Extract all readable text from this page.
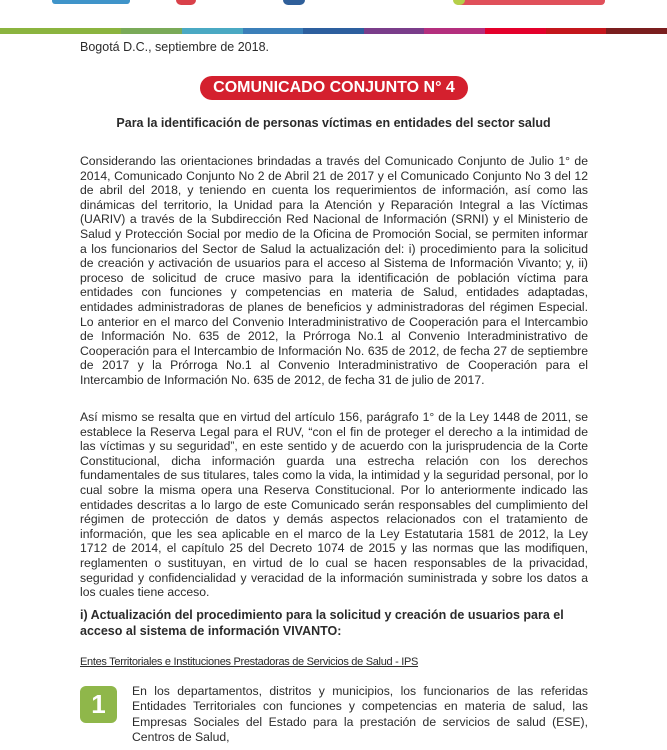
Bogotá D.C., septiembre de 2018.
COMUNICADO CONJUNTO N° 4
Para la identificación de personas víctimas en entidades del sector salud
Considerando las orientaciones brindadas a través del Comunicado Conjunto de Julio 1° de 2014, Comunicado Conjunto No 2 de Abril 21 de 2017 y el Comunicado Conjunto No 3 del 12 de abril del 2018, y teniendo en cuenta los requerimientos de información, así como las dinámicas del territorio, la Unidad para la Atención y Reparación Integral a las Víctimas (UARIV) a través de la Subdirección Red Nacional de Información (SRNI) y el Ministerio de Salud y Protección Social por medio de la Oficina de Promoción Social, se permiten informar a los funcionarios del Sector de Salud la actualización del: i) procedimiento para la solicitud de creación y activación de usuarios para el acceso al Sistema de Información Vivanto; y, ii) proceso de solicitud de cruce masivo para la identificación de población víctima para entidades con funciones y competencias en materia de Salud, entidades adaptadas, entidades administradoras de planes de beneficios y administradoras del régimen Especial. Lo anterior en el marco del Convenio Interadministrativo de Cooperación para el Intercambio de Información No. 635 de 2012, la Prórroga No.1 al Convenio Interadministrativo de Cooperación para el Intercambio de Información No. 635 de 2012, de fecha 27 de septiembre de 2017 y la Prórroga No.1 al Convenio Interadministrativo de Cooperación para el Intercambio de Información No. 635 de 2012, de fecha 31 de julio de 2017.
Así mismo se resalta que en virtud del artículo 156, parágrafo 1° de la Ley 1448 de 2011, se establece la Reserva Legal para el RUV, “con el fin de proteger el derecho a la intimidad de las víctimas y su seguridad”, en este sentido y de acuerdo con la jurisprudencia de la Corte Constitucional, dicha información guarda una estrecha relación con los derechos fundamentales de sus titulares, tales como la vida, la intimidad y la seguridad personal, por lo cual sobre la misma opera una Reserva Constitucional. Por lo anteriormente indicado las entidades descritas a lo largo de este Comunicado serán responsables del cumplimiento del régimen de protección de datos y demás aspectos relacionados con el tratamiento de información, que les sea aplicable en el marco de la Ley Estatutaria 1581 de 2012, la Ley 1712 de 2014, el capítulo 25 del Decreto 1074 de 2015 y las normas que las modifiquen, reglamenten o sustituyan, en virtud de lo cual se hacen responsables de la privacidad, seguridad y confidencialidad y veracidad de la información suministrada y sobre los datos a los cuales tiene acceso.
i) Actualización del procedimiento para la solicitud y creación de usuarios para el acceso al sistema de información VIVANTO:
Entes Territoriales e Instituciones Prestadoras de Servicios de Salud - IPS
1	En los departamentos, distritos y municipios, los funcionarios de las referidas Entidades Territoriales con funciones y competencias en materia de salud, las Empresas Sociales del Estado para la prestación de servicios de salud (ESE), Centros de Salud,
